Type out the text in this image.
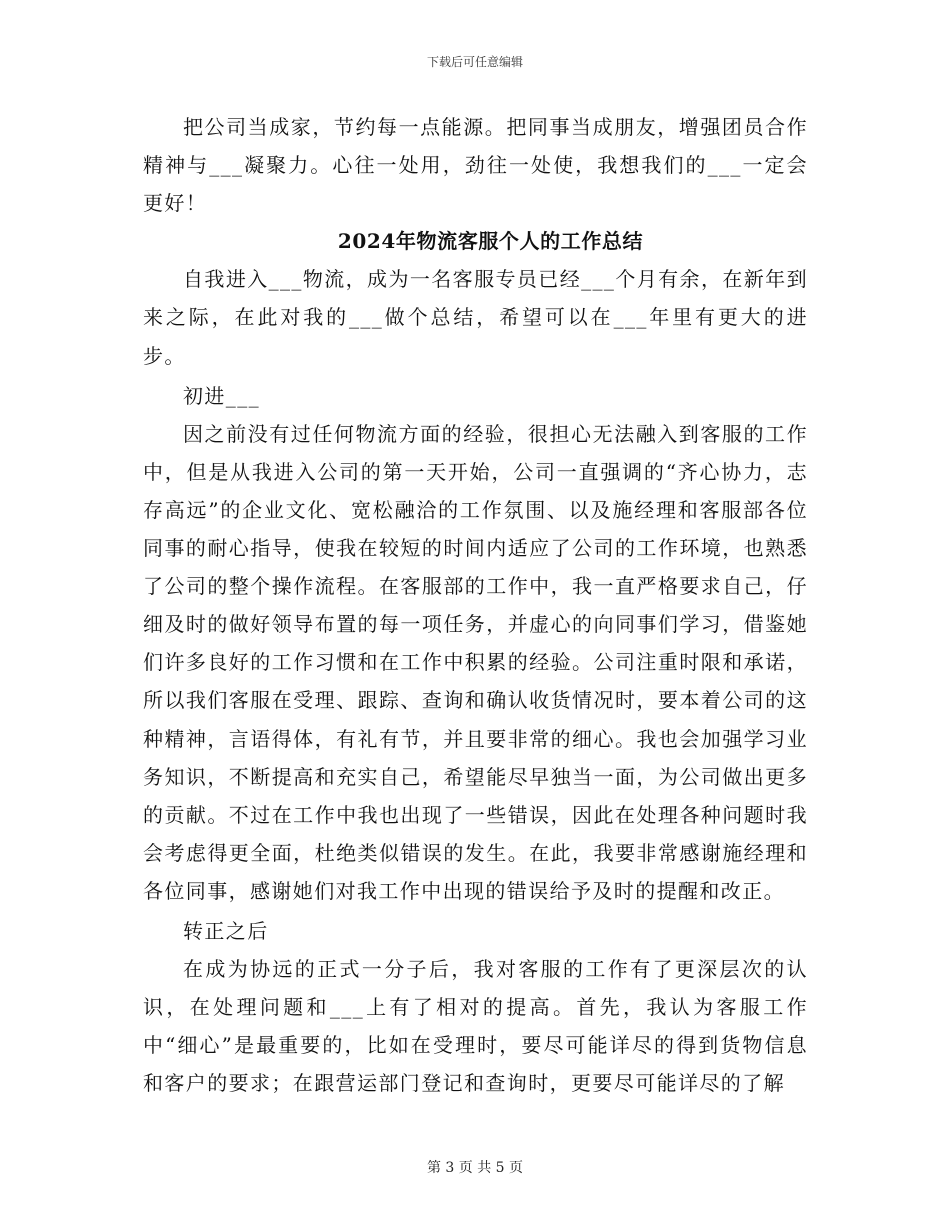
下载后可任意编辑

把公司当成家，节约每一点能源。把同事当成朋友，增强团员合作精神与___凝聚力。心往一处用，劲往一处使，我想我们的___一定会更好！

2024年物流客服个人的工作总结

自我进入___物流，成为一名客服专员已经___个月有余，在新年到来之际，在此对我的___做个总结，希望可以在___年里有更大的进步。

初进___

因之前没有过任何物流方面的经验，很担心无法融入到客服的工作中，但是从我进入公司的第一天开始，公司一直强调的“齐心协力，志存高远”的企业文化、宽松融洽的工作氛围、以及施经理和客服部各位同事的耐心指导，使我在较短的时间内适应了公司的工作环境，也熟悉了公司的整个操作流程。在客服部的工作中，我一直严格要求自己，仔细及时的做好领导布置的每一项任务，并虚心的向同事们学习，借鉴她们许多良好的工作习惯和在工作中积累的经验。公司注重时限和承诺，所以我们客服在受理、跟踪、查询和确认收货情况时，要本着公司的这种精神，言语得体，有礼有节，并且要非常的细心。我也会加强学习业务知识，不断提高和充实自己，希望能尽早独当一面，为公司做出更多的贡献。不过在工作中我也出现了一些错误，因此在处理各种问题时我会考虑得更全面，杜绝类似错误的发生。在此，我要非常感谢施经理和各位同事，感谢她们对我工作中出现的错误给予及时的提醒和改正。

转正之后

在成为协远的正式一分子后，我对客服的工作有了更深层次的认识，在处理问题和___上有了相对的提高。首先，我认为客服工作中“细心”是最重要的，比如在受理时，要尽可能详尽的得到货物信息和客户的要求；在跟营运部门登记和查询时，更要尽可能详尽的了解

第 3 页 共 5 页
